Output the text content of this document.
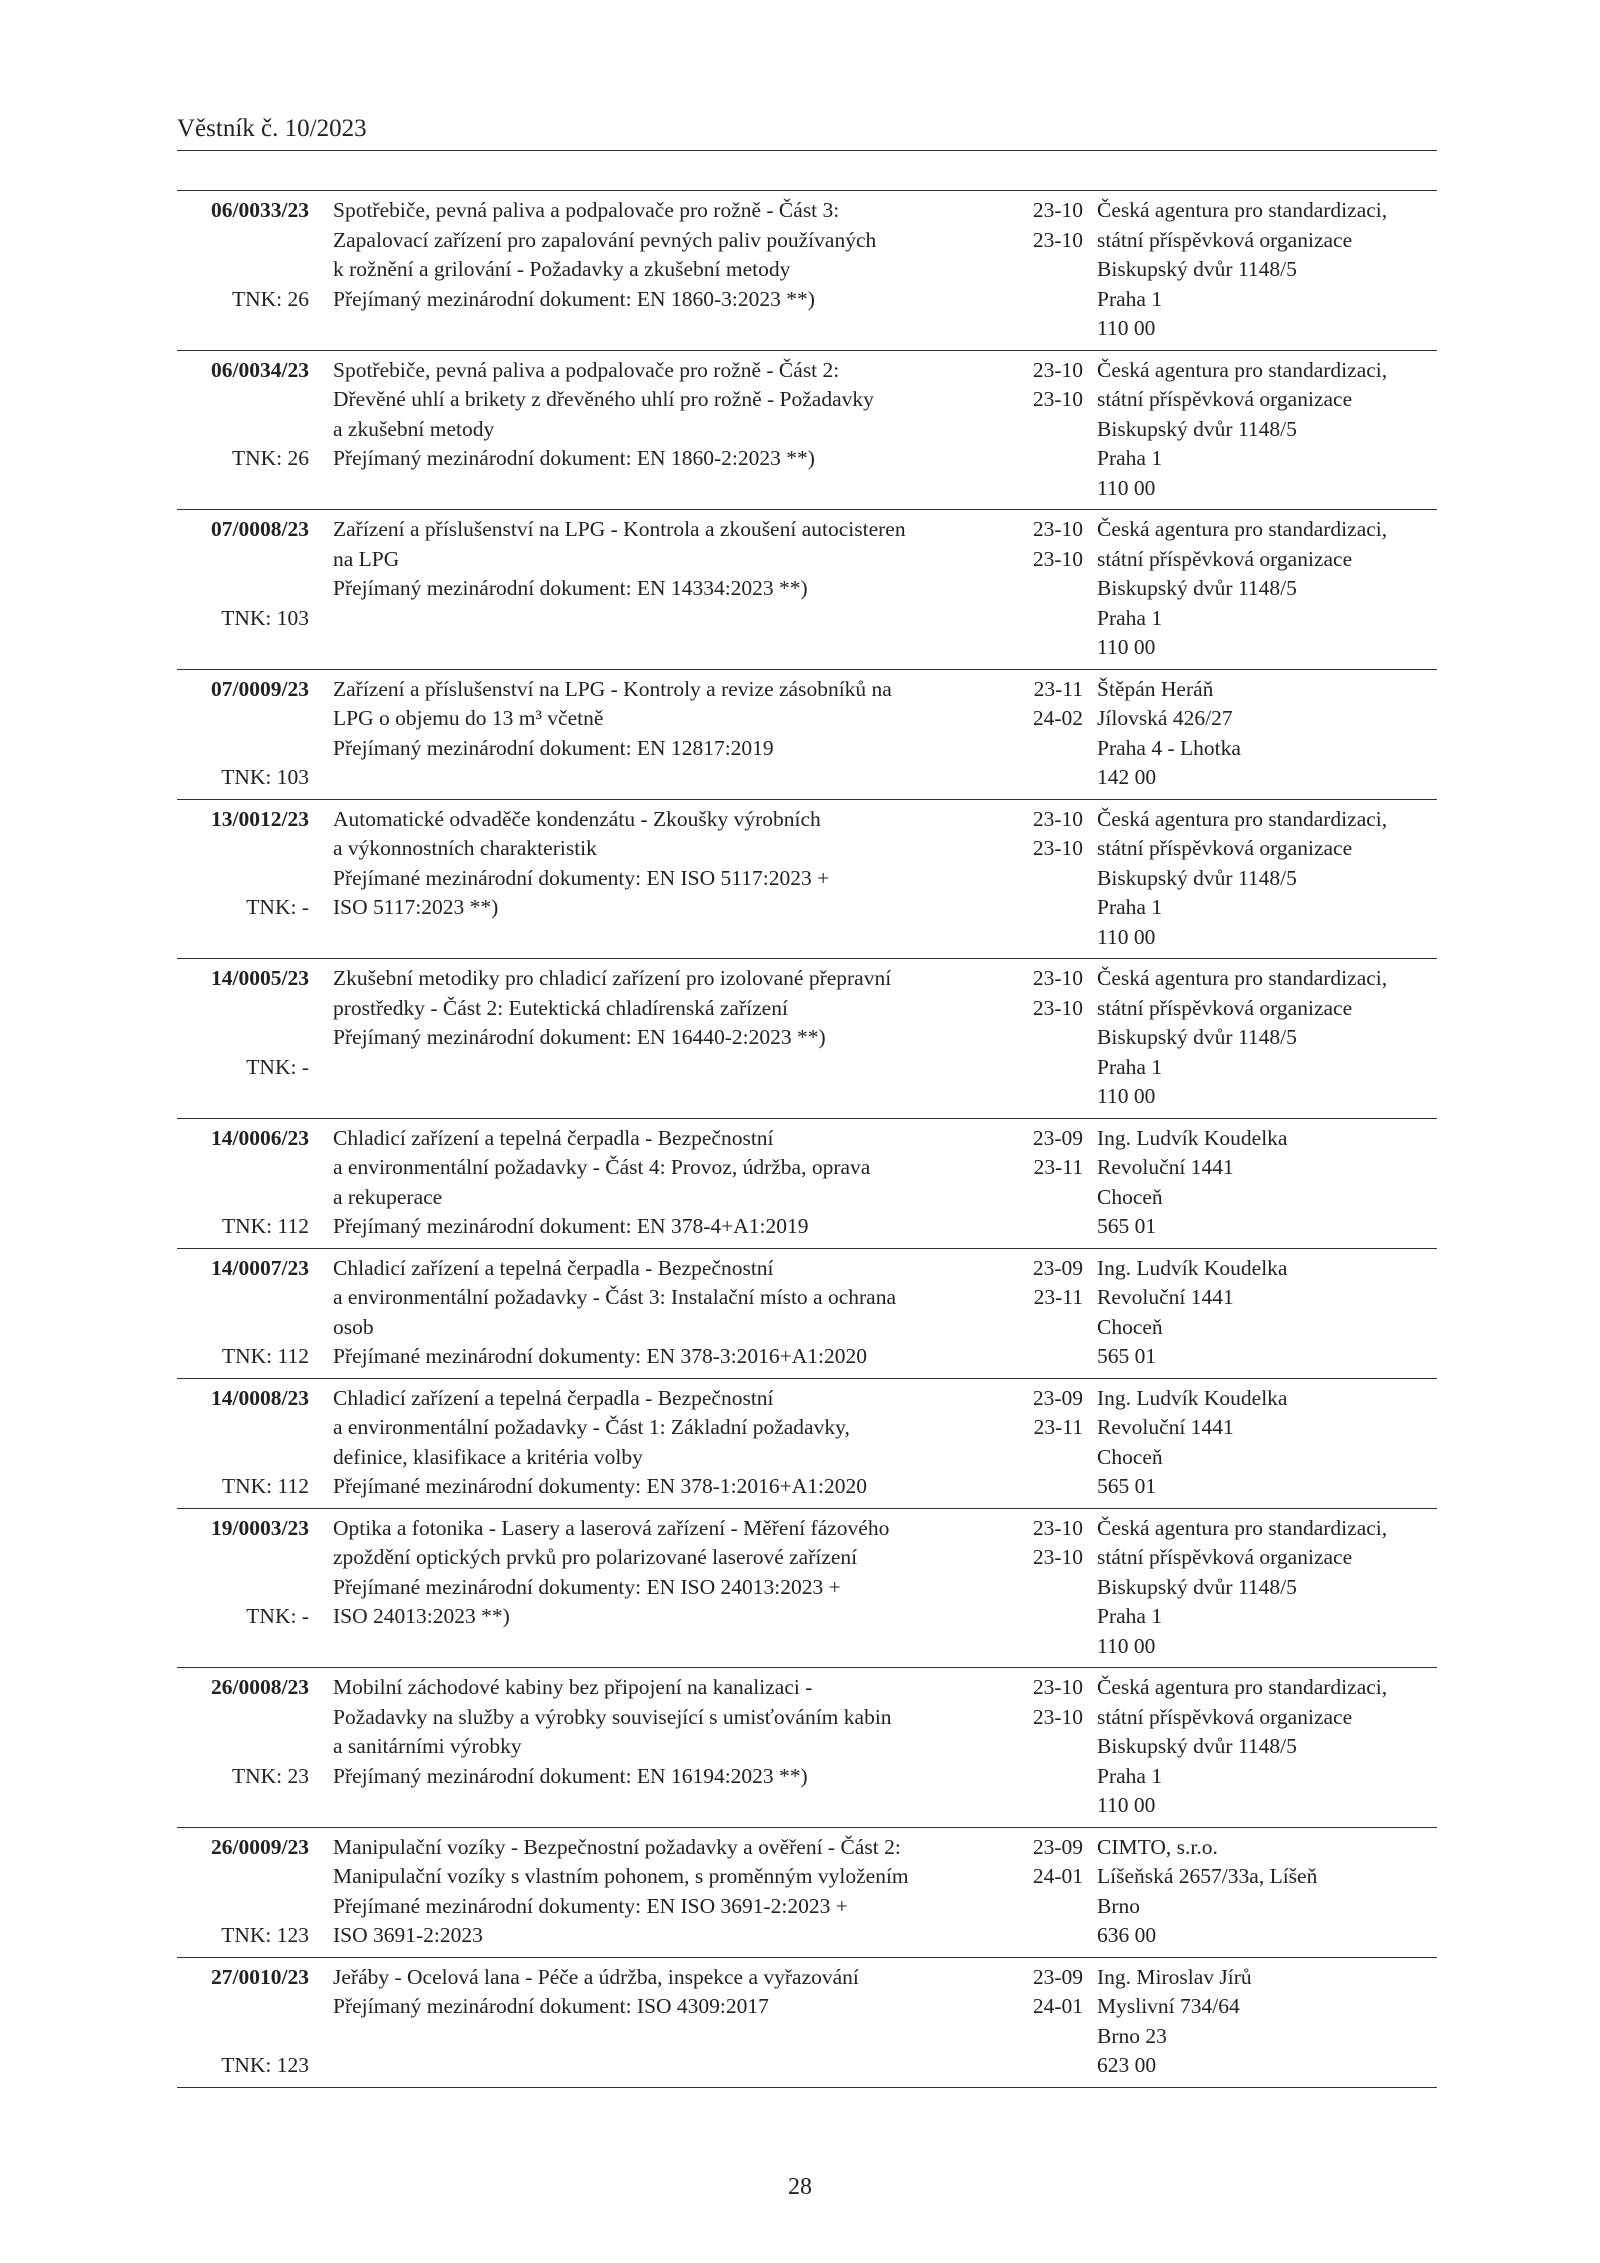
Věstník č. 10/2023
06/0033/23
TNK: 26
Spotřebiče, pevná paliva a podpalovače pro rožně - Část 3:
Zapalovací zařízení pro zapalování pevných paliv používaných
k rožnění a grilování - Požadavky a zkušební metody
Přejímaný mezinárodní dokument: EN 1860-3:2023 **)
23-10
23-10
Česká agentura pro standardizaci,
státní příspěvková organizace
Biskupský dvůr 1148/5
Praha 1
110 00
06/0034/23
TNK: 26
Spotřebiče, pevná paliva a podpalovače pro rožně - Část 2:
Dřevěné uhlí a brikety z dřevěného uhlí pro rožně - Požadavky
a zkušební metody
Přejímaný mezinárodní dokument: EN 1860-2:2023 **)
23-10
23-10
Česká agentura pro standardizaci,
státní příspěvková organizace
Biskupský dvůr 1148/5
Praha 1
110 00
07/0008/23
TNK: 103
Zařízení a příslušenství na LPG - Kontrola a zkoušení autocisteren
na LPG
Přejímaný mezinárodní dokument: EN 14334:2023 **)
23-10
23-10
Česká agentura pro standardizaci,
státní příspěvková organizace
Biskupský dvůr 1148/5
Praha 1
110 00
07/0009/23
TNK: 103
Zařízení a příslušenství na LPG - Kontroly a revize zásobníků na
LPG o objemu do 13 m³ včetně
Přejímaný mezinárodní dokument: EN 12817:2019
23-11
24-02
Štěpán Heráň
Jílovská 426/27
Praha 4 - Lhotka
142 00
13/0012/23
TNK: -
Automatické odvaděče kondenzátu - Zkoušky výrobních
a výkonnostních charakteristik
Přejímané mezinárodní dokumenty: EN ISO 5117:2023 +
ISO 5117:2023 **)
23-10
23-10
Česká agentura pro standardizaci,
státní příspěvková organizace
Biskupský dvůr 1148/5
Praha 1
110 00
14/0005/23
TNK: -
Zkušební metodiky pro chladicí zařízení pro izolované přepravní
prostředky - Část 2: Eutektická chladírenská zařízení
Přejímaný mezinárodní dokument: EN 16440-2:2023 **)
23-10
23-10
Česká agentura pro standardizaci,
státní příspěvková organizace
Biskupský dvůr 1148/5
Praha 1
110 00
14/0006/23
TNK: 112
Chladicí zařízení a tepelná čerpadla - Bezpečnostní
a environmentální požadavky - Část 4: Provoz, údržba, oprava
a rekuperace
Přejímaný mezinárodní dokument: EN 378-4+A1:2019
23-09
23-11
Ing. Ludvík Koudelka
Revoluční 1441
Choceň
565 01
14/0007/23
TNK: 112
Chladicí zařízení a tepelná čerpadla - Bezpečnostní
a environmentální požadavky - Část 3: Instalační místo a ochrana
osob
Přejímané mezinárodní dokumenty: EN 378-3:2016+A1:2020
23-09
23-11
Ing. Ludvík Koudelka
Revoluční 1441
Choceň
565 01
14/0008/23
TNK: 112
Chladicí zařízení a tepelná čerpadla - Bezpečnostní
a environmentální požadavky - Část 1: Základní požadavky,
definice, klasifikace a kritéria volby
Přejímané mezinárodní dokumenty: EN 378-1:2016+A1:2020
23-09
23-11
Ing. Ludvík Koudelka
Revoluční 1441
Choceň
565 01
19/0003/23
TNK: -
Optika a fotonika - Lasery a laserová zařízení - Měření fázového
zpoždění optických prvků pro polarizované laserové zařízení
Přejímané mezinárodní dokumenty: EN ISO 24013:2023 +
ISO 24013:2023 **)
23-10
23-10
Česká agentura pro standardizaci,
státní příspěvková organizace
Biskupský dvůr 1148/5
Praha 1
110 00
26/0008/23
TNK: 23
Mobilní záchodové kabiny bez připojení na kanalizaci -
Požadavky na služby a výrobky související s umisťováním kabin
a sanitárními výrobky
Přejímaný mezinárodní dokument: EN 16194:2023 **)
23-10
23-10
Česká agentura pro standardizaci,
státní příspěvková organizace
Biskupský dvůr 1148/5
Praha 1
110 00
26/0009/23
TNK: 123
Manipulační vozíky - Bezpečnostní požadavky a ověření - Část 2:
Manipulační vozíky s vlastním pohonem, s proměnným vyložením
Přejímané mezinárodní dokumenty: EN ISO 3691-2:2023 +
ISO 3691-2:2023
23-09
24-01
CIMTO, s.r.o.
Líšeňská 2657/33a, Líšeň
Brno
636 00
27/0010/23
TNK: 123
Jeřáby - Ocelová lana - Péče a údržba, inspekce a vyřazování
Přejímaný mezinárodní dokument: ISO 4309:2017
23-09
24-01
Ing. Miroslav Jírů
Myslivní 734/64
Brno 23
623 00
28
